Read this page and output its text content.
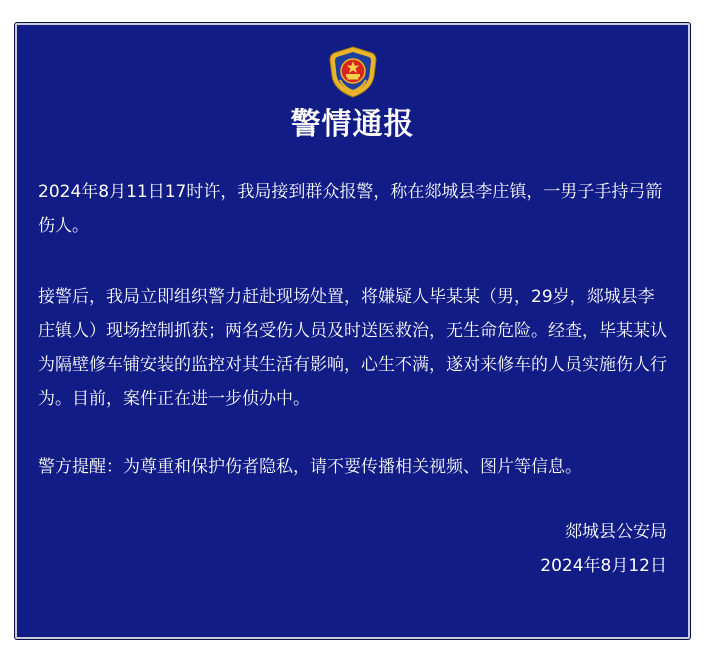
警情通报

2024年8月11日17时许，我局接到群众报警，称在郯城县李庄镇，一男子手持弓箭伤人。

接警后，我局立即组织警力赶赴现场处置，将嫌疑人毕某某（男，29岁，郯城县李庄镇人）现场控制抓获；两名受伤人员及时送医救治，无生命危险。经查，毕某某认为隔壁修车铺安装的监控对其生活有影响，心生不满，遂对来修车的人员实施伤人行为。目前，案件正在进一步侦办中。

警方提醒：为尊重和保护伤者隐私，请不要传播相关视频、图片等信息。

郯城县公安局
2024年8月12日
